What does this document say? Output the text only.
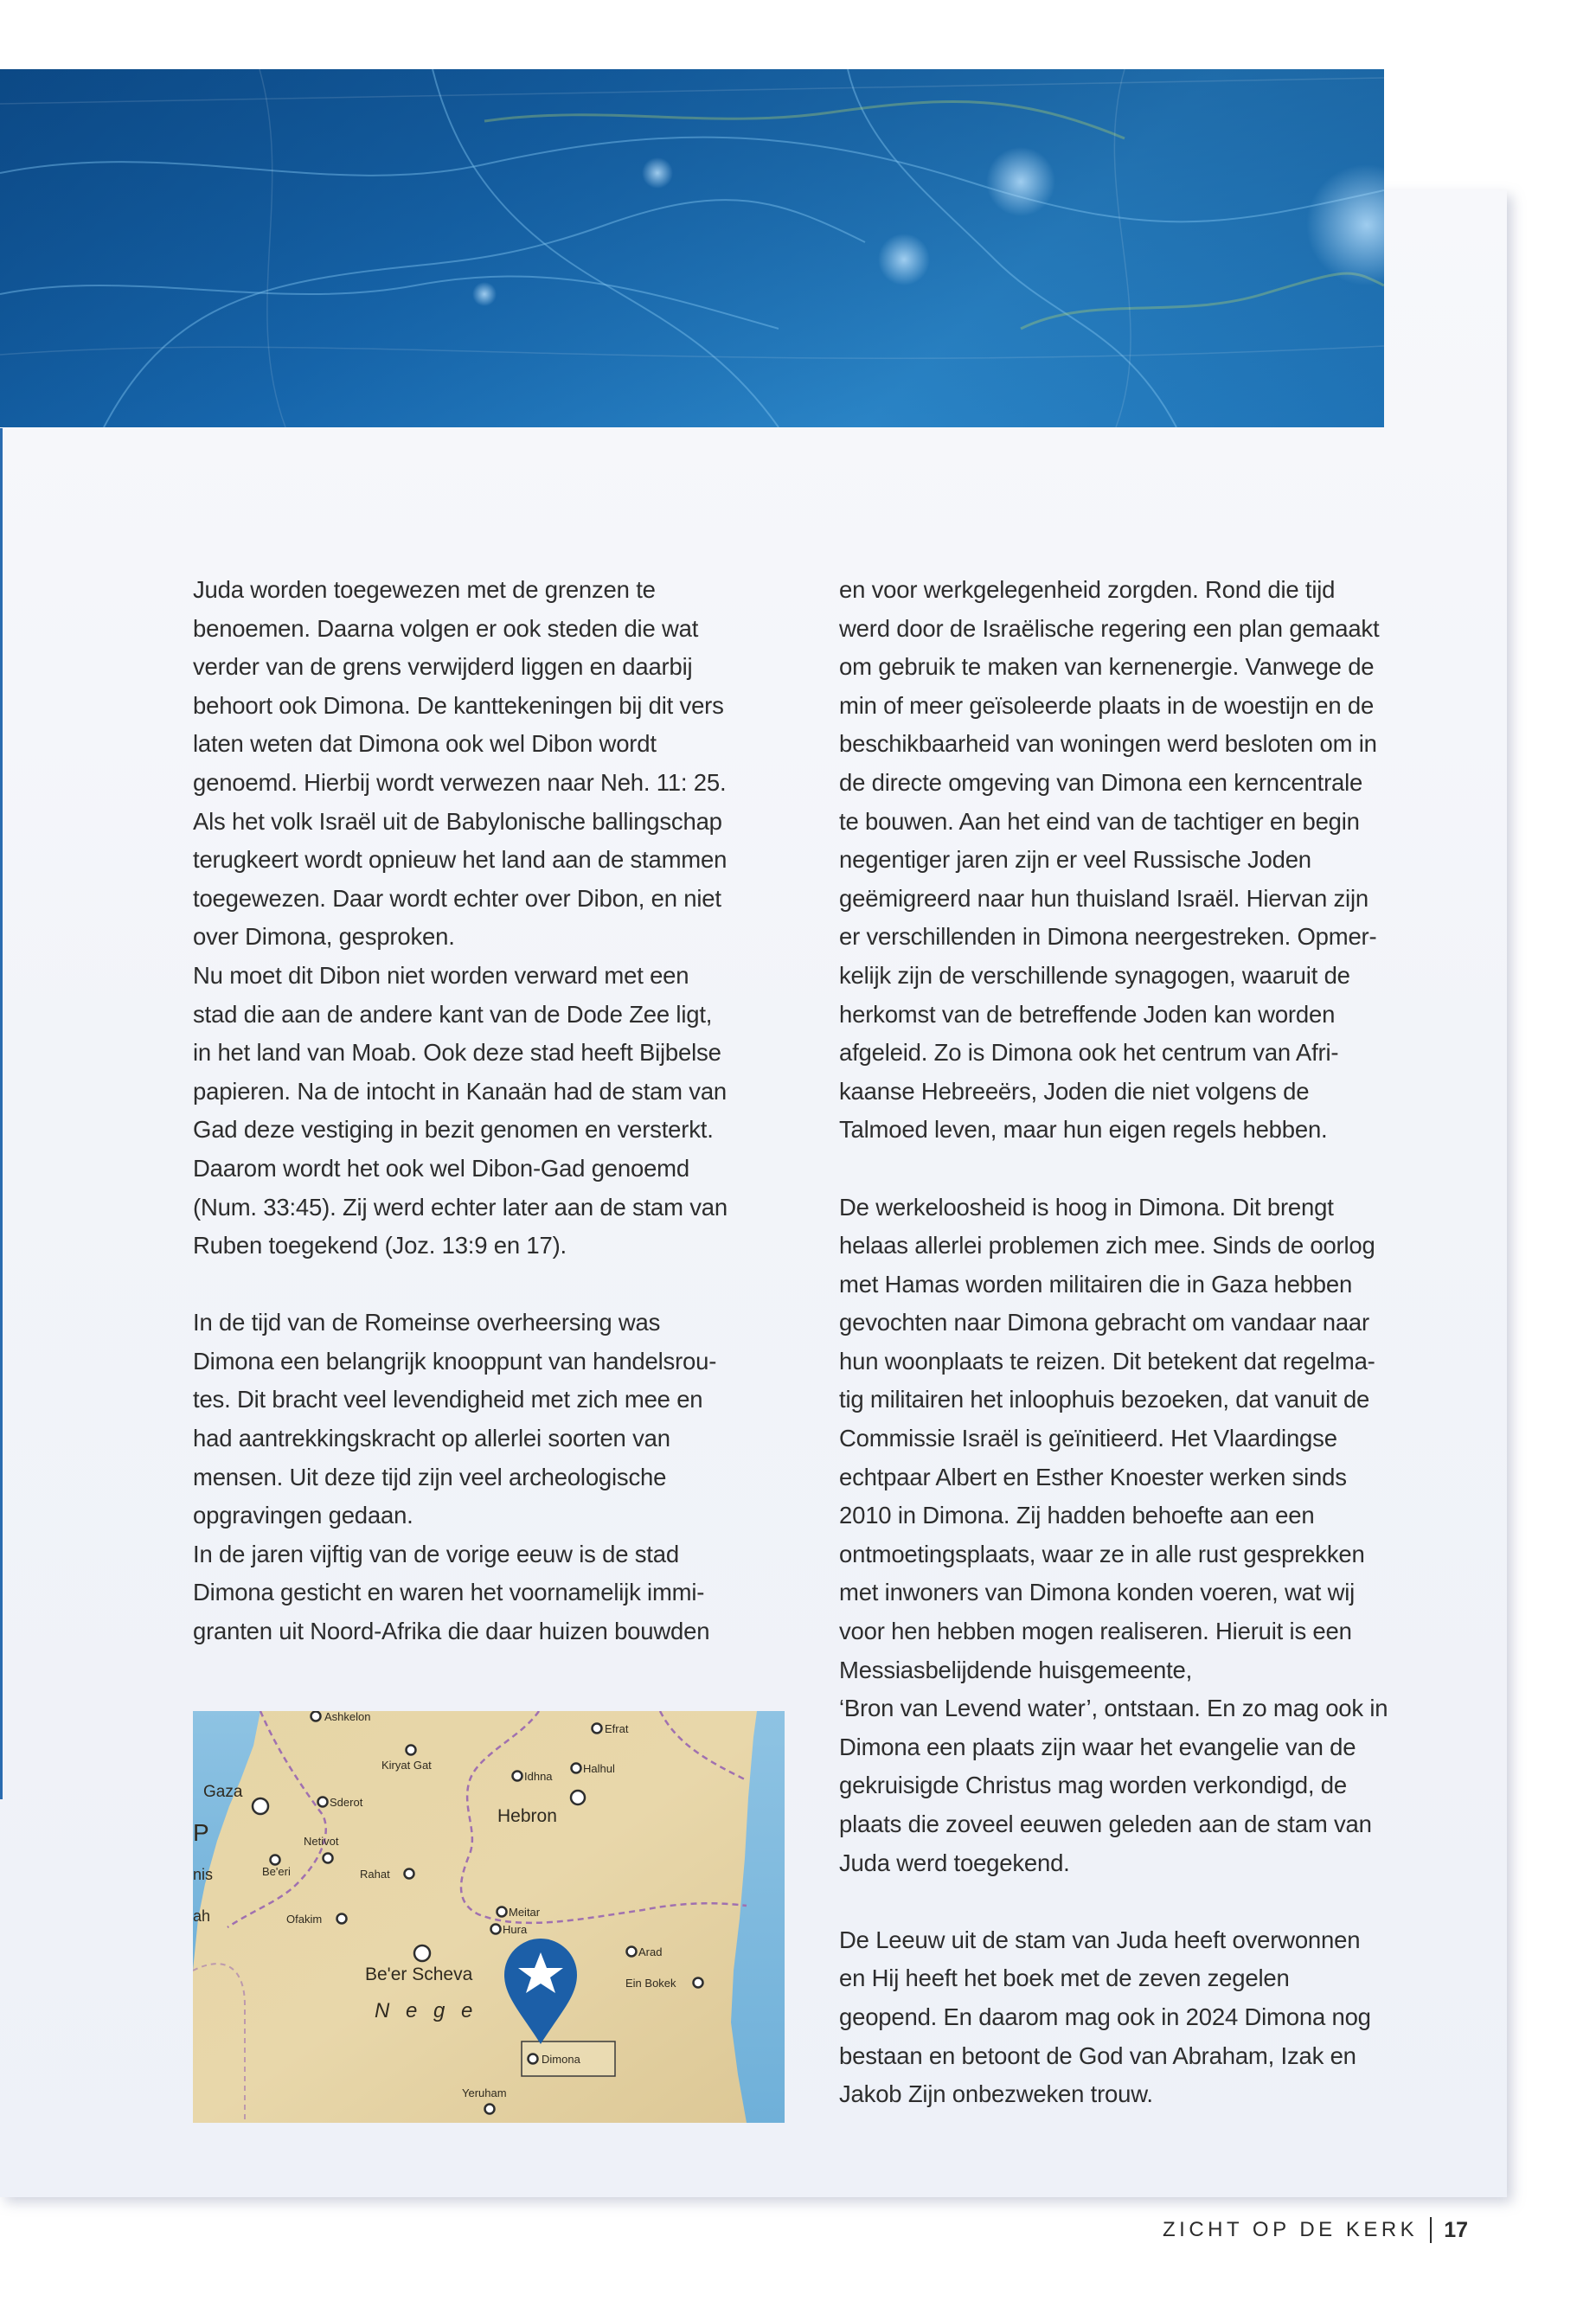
Juda worden toegewezen met de grenzen te
benoemen. Daarna volgen er ook steden die wat
verder van de grens verwijderd liggen en daarbij
behoort ook Dimona. De kanttekeningen bij dit vers
laten weten dat Dimona ook wel Dibon wordt
genoemd. Hierbij wordt verwezen naar Neh. 11: 25.
Als het volk Israël uit de Babylonische ballingschap
terugkeert wordt opnieuw het land aan de stammen
toegewezen. Daar wordt echter over Dibon, en niet
over Dimona, gesproken.
Nu moet dit Dibon niet worden verward met een
stad die aan de andere kant van de Dode Zee ligt,
in het land van Moab. Ook deze stad heeft Bijbelse
papieren. Na de intocht in Kanaän had de stam van
Gad deze vestiging in bezit genomen en versterkt.
Daarom wordt het ook wel Dibon-Gad genoemd
(Num. 33:45). Zij werd echter later aan de stam van
Ruben toegekend (Joz. 13:9 en 17).
In de tijd van de Romeinse overheersing was
Dimona een belangrijk knooppunt van handelsrou-
tes. Dit bracht veel levendigheid met zich mee en
had aantrekkingskracht op allerlei soorten van
mensen. Uit deze tijd zijn veel archeologische
opgravingen gedaan.
In de jaren vijftig van de vorige eeuw is de stad
Dimona gesticht en waren het voornamelijk immi-
granten uit Noord-Afrika die daar huizen bouwden
en voor werkgelegenheid zorgden. Rond die tijd
werd door de Israëlische regering een plan gemaakt
om gebruik te maken van kernenergie. Vanwege de
min of meer geïsoleerde plaats in de woestijn en de
beschikbaarheid van woningen werd besloten om in
de directe omgeving van Dimona een kerncentrale
te bouwen. Aan het eind van de tachtiger en begin
negentiger jaren zijn er veel Russische Joden
geëmigreerd naar hun thuisland Israël. Hiervan zijn
er verschillenden in Dimona neergestreken. Opmer-
kelijk zijn de verschillende synagogen, waaruit de
herkomst van de betreffende Joden kan worden
afgeleid. Zo is Dimona ook het centrum van Afri-
kaanse Hebreeërs, Joden die niet volgens de
Talmoed leven, maar hun eigen regels hebben.
De werkeloosheid is hoog in Dimona. Dit brengt
helaas allerlei problemen zich mee. Sinds de oorlog
met Hamas worden militairen die in Gaza hebben
gevochten naar Dimona gebracht om vandaar naar
hun woonplaats te reizen. Dit betekent dat regelma-
tig militairen het inloophuis bezoeken, dat vanuit de
Commissie Israël is geïnitieerd. Het Vlaardingse
echtpaar Albert en Esther Knoester werken sinds
2010 in Dimona. Zij hadden behoefte aan een
ontmoetingsplaats, waar ze in alle rust gesprekken
met inwoners van Dimona konden voeren, wat wij
voor hen hebben mogen realiseren. Hieruit is een
Messiasbelijdende huisgemeente,
‘Bron van Levend water’, ontstaan. En zo mag ook in
Dimona een plaats zijn waar het evangelie van de
gekruisigde Christus mag worden verkondigd, de
plaats die zoveel eeuwen geleden aan de stam van
Juda werd toegekend.
De Leeuw uit de stam van Juda heeft overwonnen
en Hij heeft het boek met de zeven zegelen
geopend. En daarom mag ook in 2024 Dimona nog
bestaan en betoont de God van Abraham, Izak en
Jakob Zijn onbezweken trouw.
Ashkelon
Efrat
Kiryat Gat
Idhna
Halhul
Sderot
Netivot
Be'eri	Rahat
Ofakim
Meitar
Hura
Arad
Ein Bokek
Yeruham
nis
ah
Hebron
Gaza
P
Be'er Scheva
N e g e
Dimona
ZICHT OP DE KERK 17
